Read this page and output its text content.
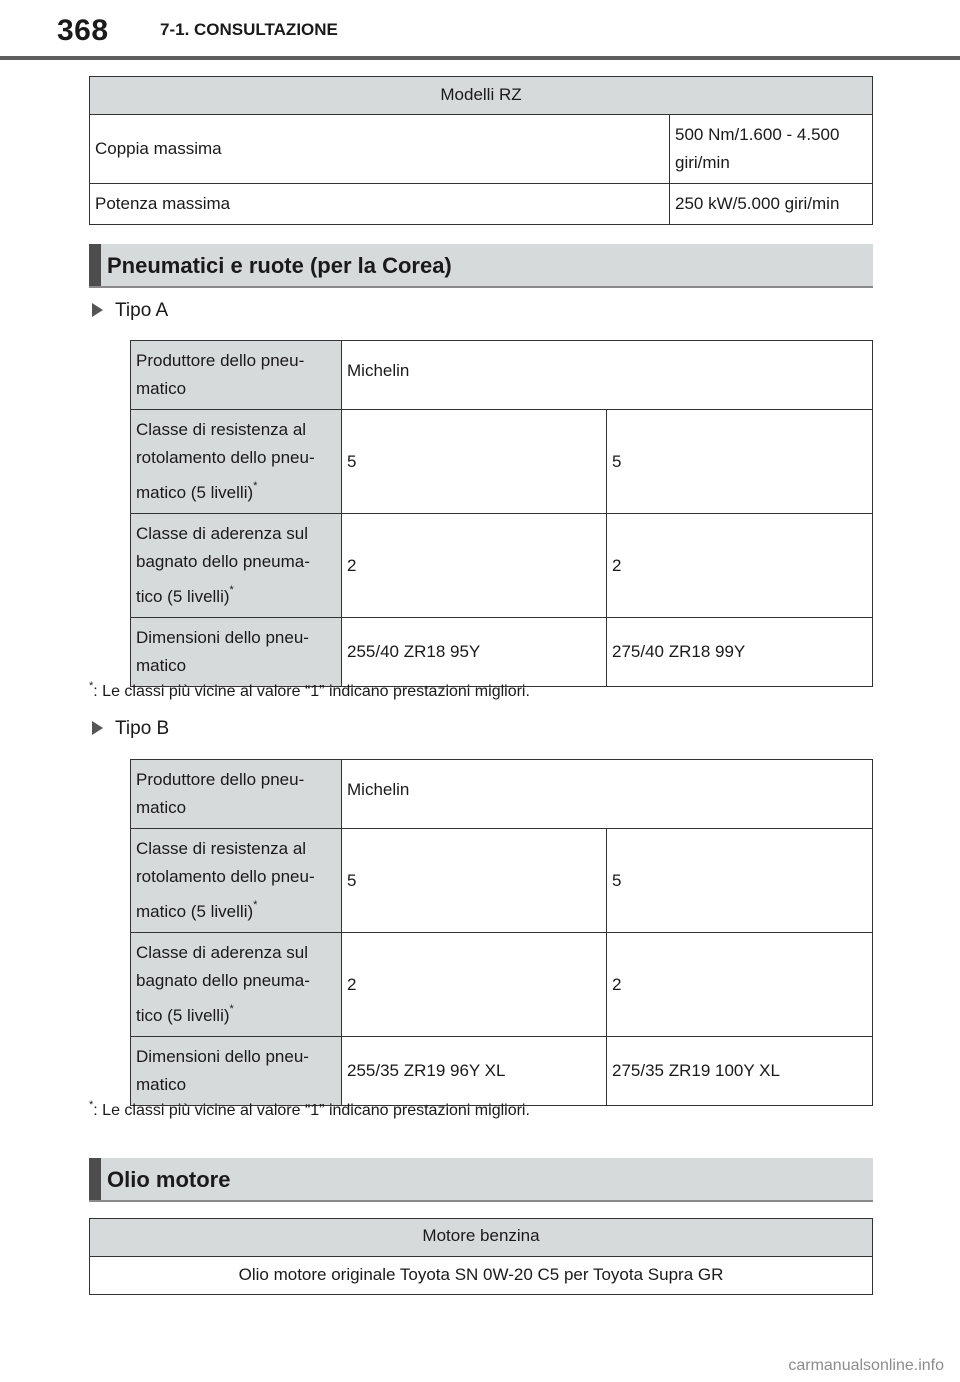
368	7-1. CONSULTAZIONE
Modelli RZ	
Coppia massima	500 Nm/1.600 - 4.500
giri/min

Potenza massima	250 kW/5.000 giri/min
Pneumatici e ruote (per la Corea)
Tipo A
Produttore dello pneu-
matico	Michelin	

Classe di resistenza al
rotolamento dello pneu-
matico (5 livelli)*	5	5

Classe di aderenza sul
bagnato dello pneuma-
tico (5 livelli)*	2	2

Dimensioni dello pneu-
matico	255/40 ZR18 95Y	275/40 ZR18 99Y
*: Le classi più vicine al valore “1” indicano prestazioni migliori.
Tipo B
Produttore dello pneu-
matico	Michelin	

Classe di resistenza al
rotolamento dello pneu-
matico (5 livelli)*	5	5

Classe di aderenza sul
bagnato dello pneuma-
tico (5 livelli)*	2	2

Dimensioni dello pneu-
matico	255/35 ZR19 96Y XL	275/35 ZR19 100Y XL
*: Le classi più vicine al valore “1” indicano prestazioni migliori.
Olio motore
Motore benzina
Olio motore originale Toyota SN 0W-20 C5 per Toyota Supra GR
carmanualsonline.info
